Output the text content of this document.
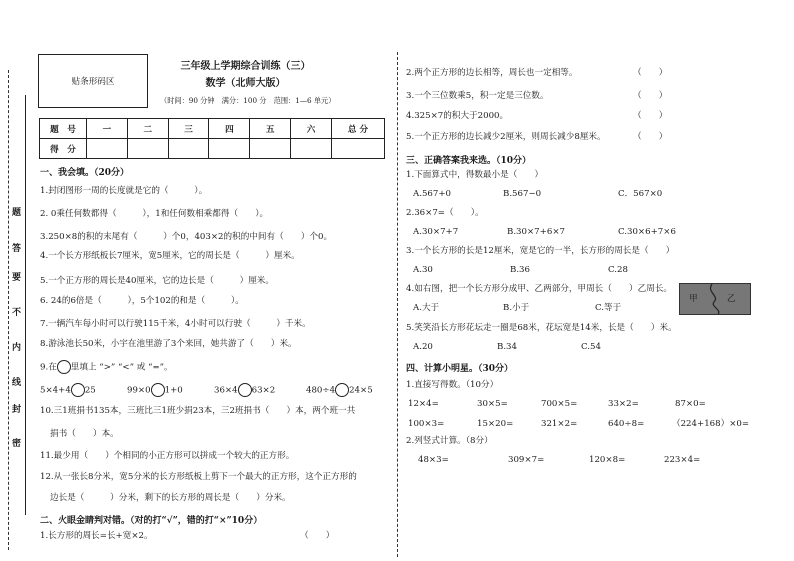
题
答
要
不
内
线
封
密
贴条形码区
三年级上学期综合训练（三）
数学（北师大版）
（时间：90 分钟　满分：100 分　范围：1—6 单元）
题　号	一	二	三	四	五	六	总 分
得　分							
一、我会填。（20分）
1.封闭图形一周的长度就是它的（　　　）。
2. 0乘任何数都得（　　　），1和任何数相乘都得（　　）。
3.250×8的积的末尾有（　　　）个0，403×2的积的中间有（　　）个0。
4.一个长方形纸板长7厘米，宽5厘米，它的周长是（　　　）厘米。
5.一个正方形的周长是40厘米，它的边长是（　　　）厘米。
6. 24的6倍是（　　　），5个102的和是（　　　）。
7.一辆汽车每小时可以行驶115千米，4小时可以行驶（　　　）千米。
8.游泳池长50米，小宇在池里游了3个来回，她共游了（　　）米。
9.在 里填上 “>” “<” 或 “=”。
5×4+4 25	99×0 1+0	36×4 63×2	480÷4 24×5
10.三1班捐书135本，三班比三1班少捐23本，三2班捐书（　　）本，两个班一共
捐书（　　）本。
11.最少用（　　）个相同的小正方形可以拼成一个较大的正方形。
12.从一张长8分米，宽5分米的长方形纸板上剪下一个最大的正方形，这个正方形的
边长是（　　　）分米，剩下的长方形的周长是（　　）分米。
二、火眼金睛判对错。（对的打“√”，错的打“×”10分）
1.长方形的周长=长+宽×2。	（　　）
2.两个正方形的边长相等，周长也一定相等。	（　　）
3.一个三位数乘5，积一定是三位数。	（　　）
4.325×7的积大于2000。	（　　）
5.一个正方形的边长减少2厘米，则周长减少8厘米。	（　　）
三、正确答案我来选。（10分）
1.下面算式中，得数最小是（　　）
A.567+0	B.567−0	C．567×0
2.36×7=（　　）。
A.30×7+7	B.30×7+6×7	C.30×6+7×6
3.一个长方形的长是12厘米，宽是它的一半，长方形的周长是（　　）
A.30	B.36	C.28
4.如右图，把一个长方形分成甲、乙两部分，甲周长（　　）乙周长。
A.大于	B.小于	C.等于
甲	乙
5.笑笑沿长方形花坛走一圈是68米，花坛宽是14米，长是（　　）米。
A.20	B.34	C.54
四、计算小明星。（30分）
1.直接写得数。（10分）
12×4=	30×5=	700×5=	33×2=	87×0=
100×3=	15×20=	321×2=	640÷8=	（224+168）×0=
2.列竖式计算。（8分）
48×3=	309×7=	120×8=	223×4=
